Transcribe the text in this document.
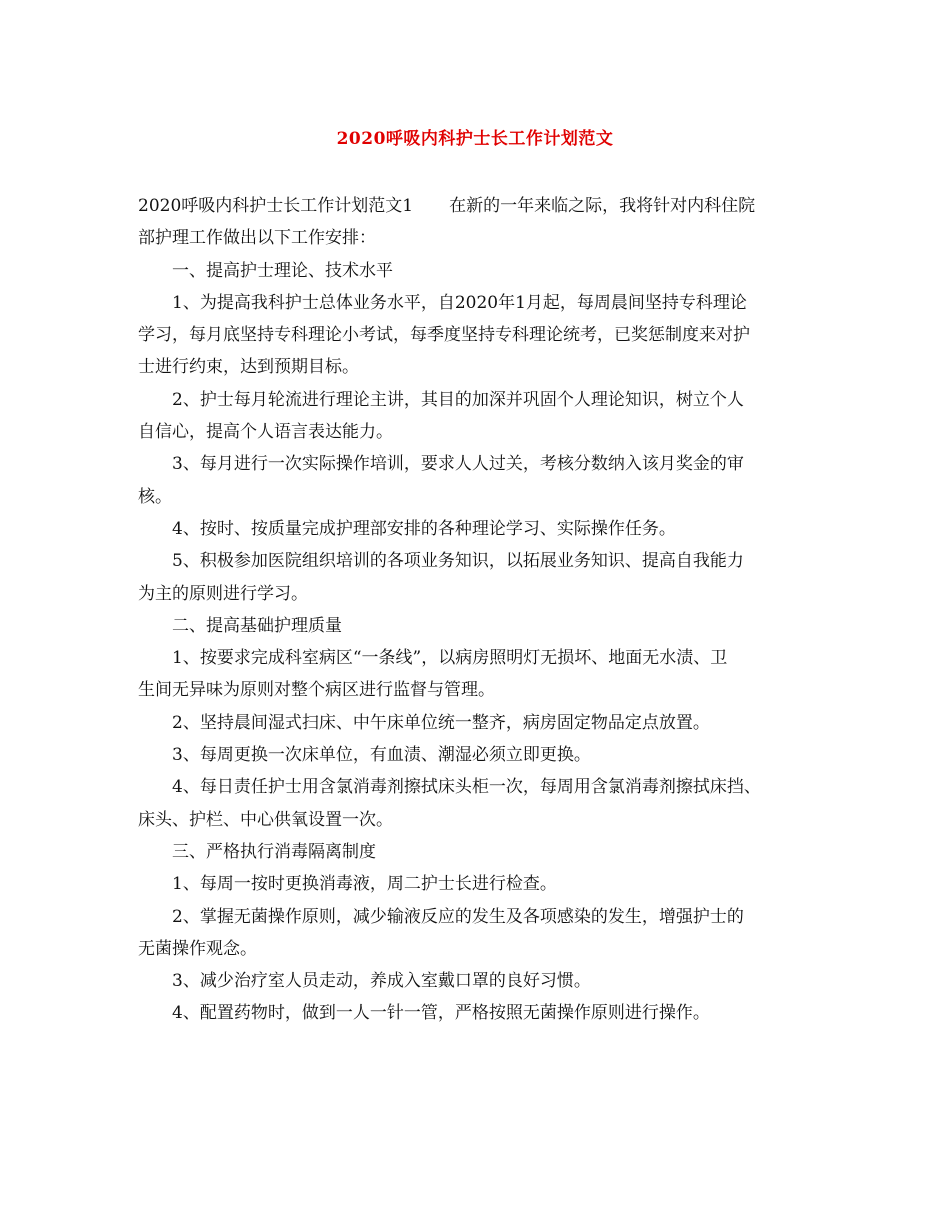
2020呼吸内科护士长工作计划范文
2020呼吸内科护士长工作计划范文1 在新的一年来临之际，我将针对内科住院
部护理工作做出以下工作安排：
一、提高护士理论、技术水平
1、为提高我科护士总体业务水平，自2020年1月起，每周晨间坚持专科理论
学习，每月底坚持专科理论小考试，每季度坚持专科理论统考，已奖惩制度来对护
士进行约束，达到预期目标。
2、护士每月轮流进行理论主讲，其目的加深并巩固个人理论知识，树立个人
自信心，提高个人语言表达能力。
3、每月进行一次实际操作培训，要求人人过关，考核分数纳入该月奖金的审
核。
4、按时、按质量完成护理部安排的各种理论学习、实际操作任务。
5、积极参加医院组织培训的各项业务知识，以拓展业务知识、提高自我能力
为主的原则进行学习。
二、提高基础护理质量
1、按要求完成科室病区“一条线”，以病房照明灯无损坏、地面无水渍、卫
生间无异味为原则对整个病区进行监督与管理。
2、坚持晨间湿式扫床、中午床单位统一整齐，病房固定物品定点放置。
3、每周更换一次床单位，有血渍、潮湿必须立即更换。
4、每日责任护士用含氯消毒剂擦拭床头柜一次，每周用含氯消毒剂擦拭床挡、
床头、护栏、中心供氧设置一次。
三、严格执行消毒隔离制度
1、每周一按时更换消毒液，周二护士长进行检查。
2、掌握无菌操作原则，减少输液反应的发生及各项感染的发生，增强护士的
无菌操作观念。
3、减少治疗室人员走动，养成入室戴口罩的良好习惯。
4、配置药物时，做到一人一针一管，严格按照无菌操作原则进行操作。
